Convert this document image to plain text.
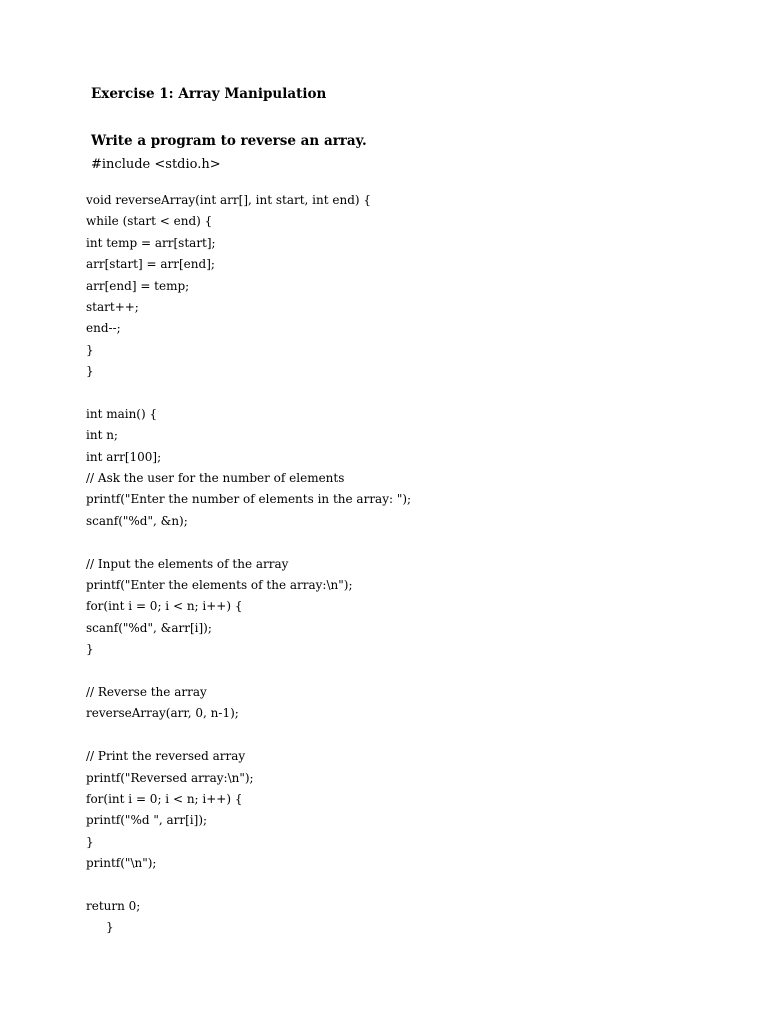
Exercise 1: Array Manipulation
Write a program to reverse an array.
#include <stdio.h>
void reverseArray(int arr[], int start, int end) {
while (start < end) {
int temp = arr[start];
arr[start] = arr[end];
arr[end] = temp;
start++;
end--;
}
}
int main() {
int n;
int arr[100];
// Ask the user for the number of elements
printf("Enter the number of elements in the array: ");
scanf("%d", &n);
// Input the elements of the array
printf("Enter the elements of the array:\n");
for(int i = 0; i < n; i++) {
scanf("%d", &arr[i]);
}
// Reverse the array
reverseArray(arr, 0, n-1);
// Print the reversed array
printf("Reversed array:\n");
for(int i = 0; i < n; i++) {
printf("%d ", arr[i]);
}
printf("\n");
return 0;
}
